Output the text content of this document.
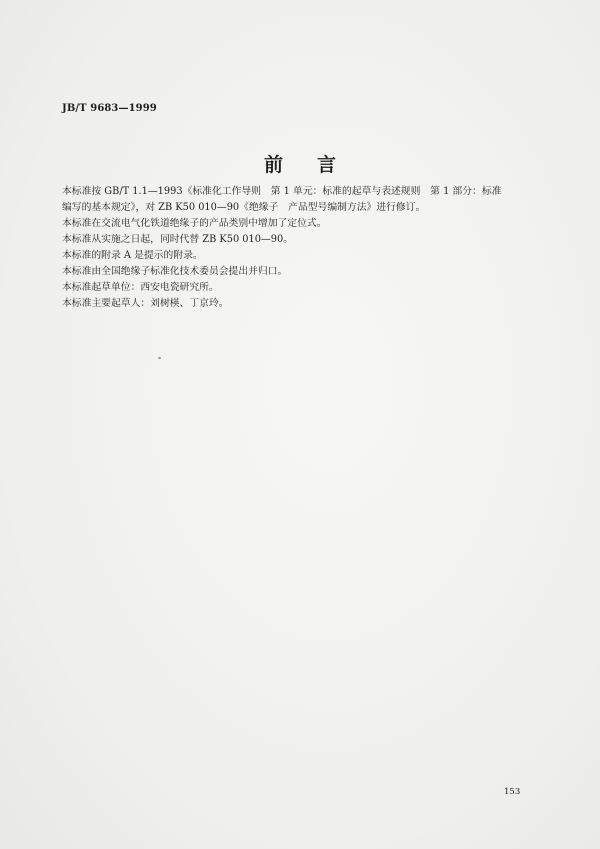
JB/T 9683—1999
前言

本标准按 GB/T 1.1—1993《标准化工作导则　第 1 单元：标准的起草与表述规则　第 1 部分：标准

编写的基本规定》，对 ZB K50 010—90《绝缘子　产品型号编制方法》进行修订。

本标准在交流电气化铁道绝缘子的产品类别中增加了定位式。

本标准从实施之日起，同时代替 ZB K50 010—90。

本标准的附录 A 是提示的附录。

本标准由全国绝缘子标准化技术委员会提出并归口。

本标准起草单位：西安电瓷研究所。

本标准主要起草人：刘树楧、丁京玲。

153
